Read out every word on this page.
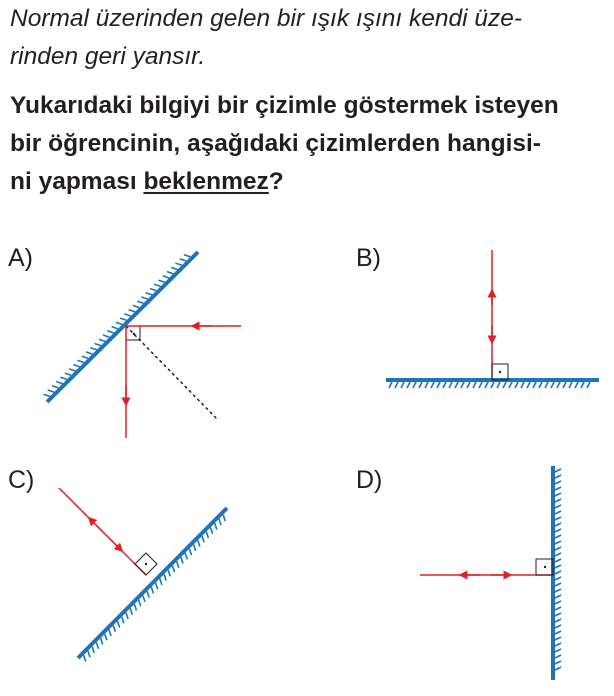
Normal üzerinden gelen bir ışık ışını kendi üze-
rinden geri yansır.
Yukarıdaki bilgiyi bir çizimle göstermek isteyen
bir öğrencinin, aşağıdaki çizimlerden hangisi-
ni yapması beklenmez?
A)	B)
C)	D)
